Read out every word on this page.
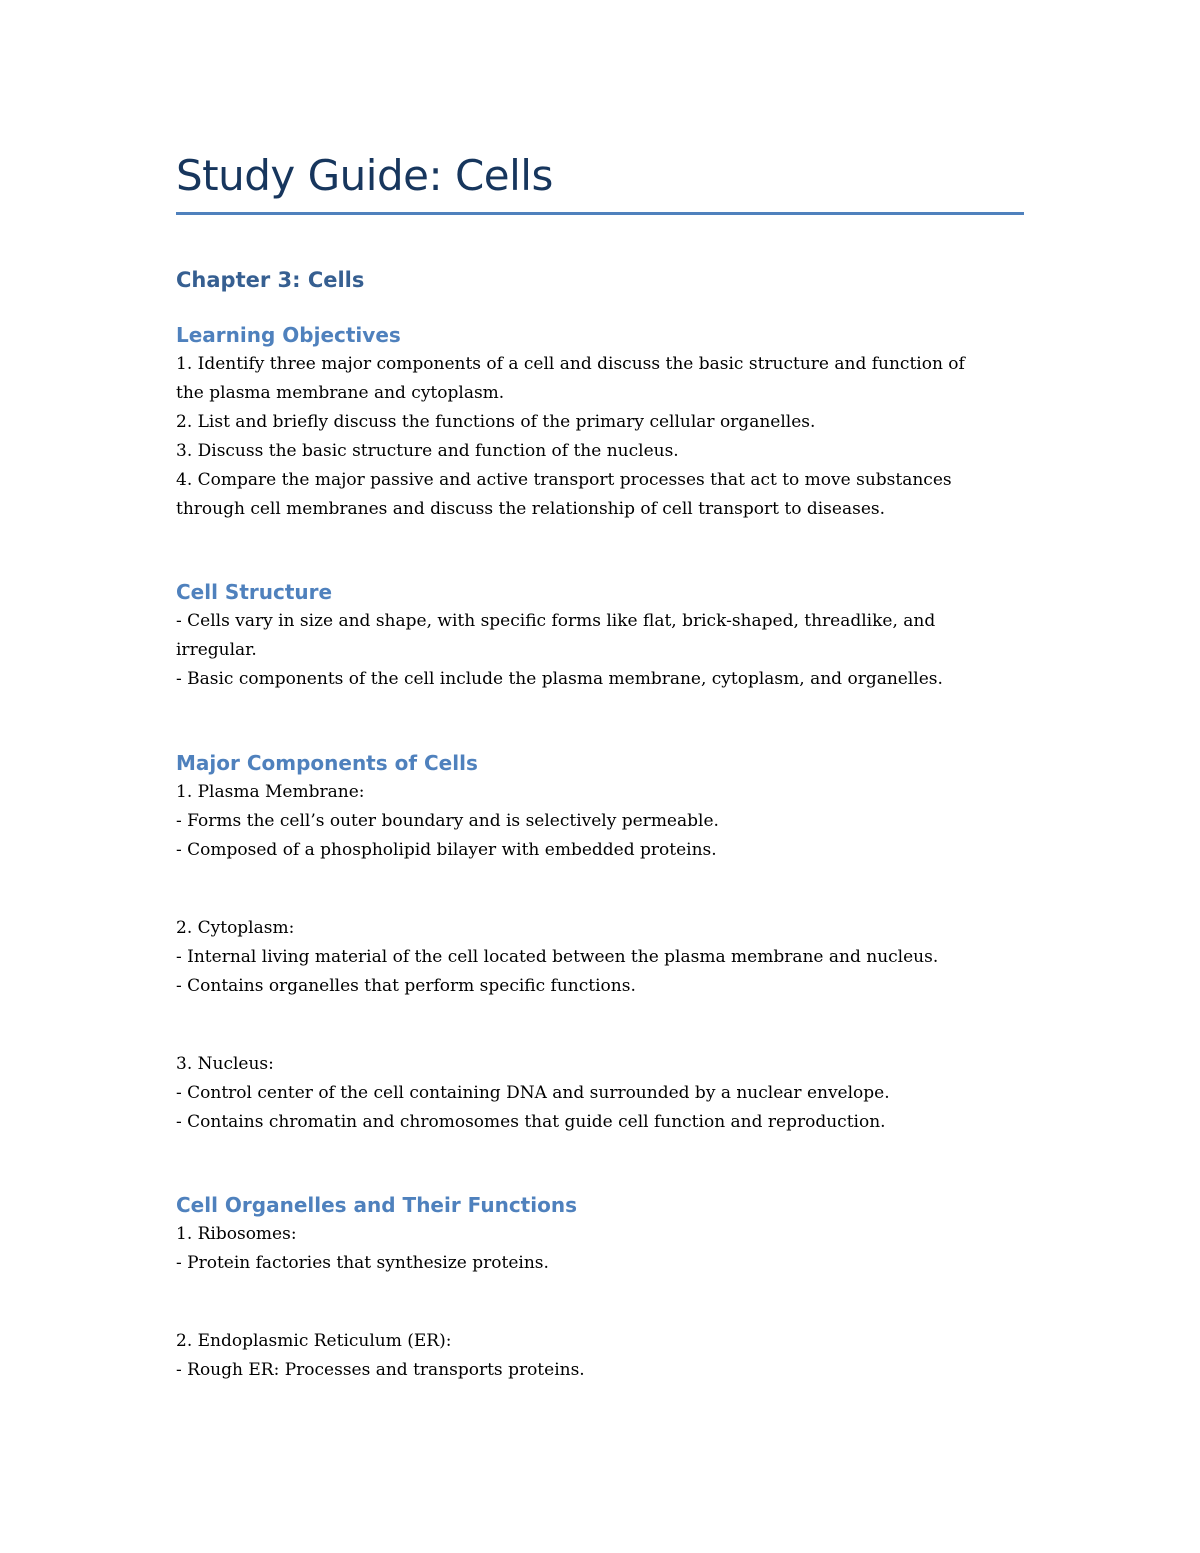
Study Guide: Cells
Chapter 3: Cells
Learning Objectives

1. Identify three major components of a cell and discuss the basic structure and function of

the plasma membrane and cytoplasm.

2. List and briefly discuss the functions of the primary cellular organelles.

3. Discuss the basic structure and function of the nucleus.

4. Compare the major passive and active transport processes that act to move substances

through cell membranes and discuss the relationship of cell transport to diseases.

Cell Structure

- Cells vary in size and shape, with specific forms like flat, brick-shaped, threadlike, and

irregular.

- Basic components of the cell include the plasma membrane, cytoplasm, and organelles.

Major Components of Cells

1. Plasma Membrane:

- Forms the cell’s outer boundary and is selectively permeable.

- Composed of a phospholipid bilayer with embedded proteins.

2. Cytoplasm:

- Internal living material of the cell located between the plasma membrane and nucleus.

- Contains organelles that perform specific functions.

3. Nucleus:

- Control center of the cell containing DNA and surrounded by a nuclear envelope.

- Contains chromatin and chromosomes that guide cell function and reproduction.

Cell Organelles and Their Functions

1. Ribosomes:

- Protein factories that synthesize proteins.

2. Endoplasmic Reticulum (ER):

- Rough ER: Processes and transports proteins.
